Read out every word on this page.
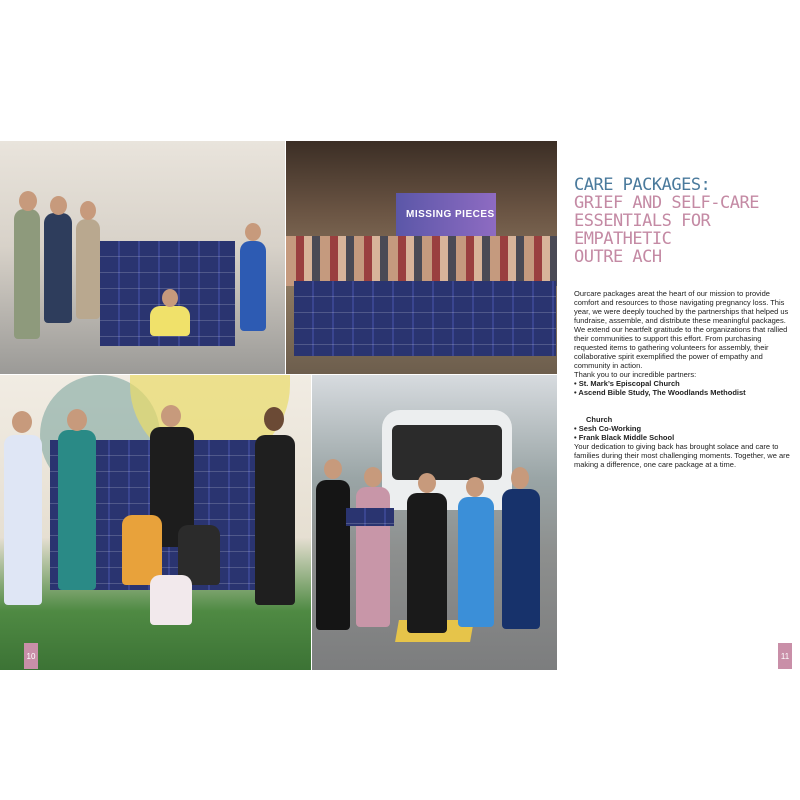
MISSING PIECES
10	11

CARE PACKAGES:

GRIEF AND SELF-CARE

ESSENTIALS FOR EMPATHETIC

OUTRE ACH

Ourcare packages areat the heart of our mission to provide comfort and resources to those navigating pregnancy loss. This year, we were deeply touched by the partnerships that helped us fundraise, assemble, and distribute these meaningful packages.

We extend our heartfelt gratitude to the organizations that rallied their communities to support this effort. From purchasing requested items to gathering volunteers for assembly, their collaborative spirit exemplified the power of empathy and community in action.

Thank you to our incredible partners:

• St. Mark’s Episcopal Church

• Ascend Bible Study, The Woodlands Methodist

Church

• Sesh Co-Working

• Frank Black Middle School

Your dedication to giving back has brought solace and care to families during their most challenging moments. Together, we are making a difference, one care package at a time.
